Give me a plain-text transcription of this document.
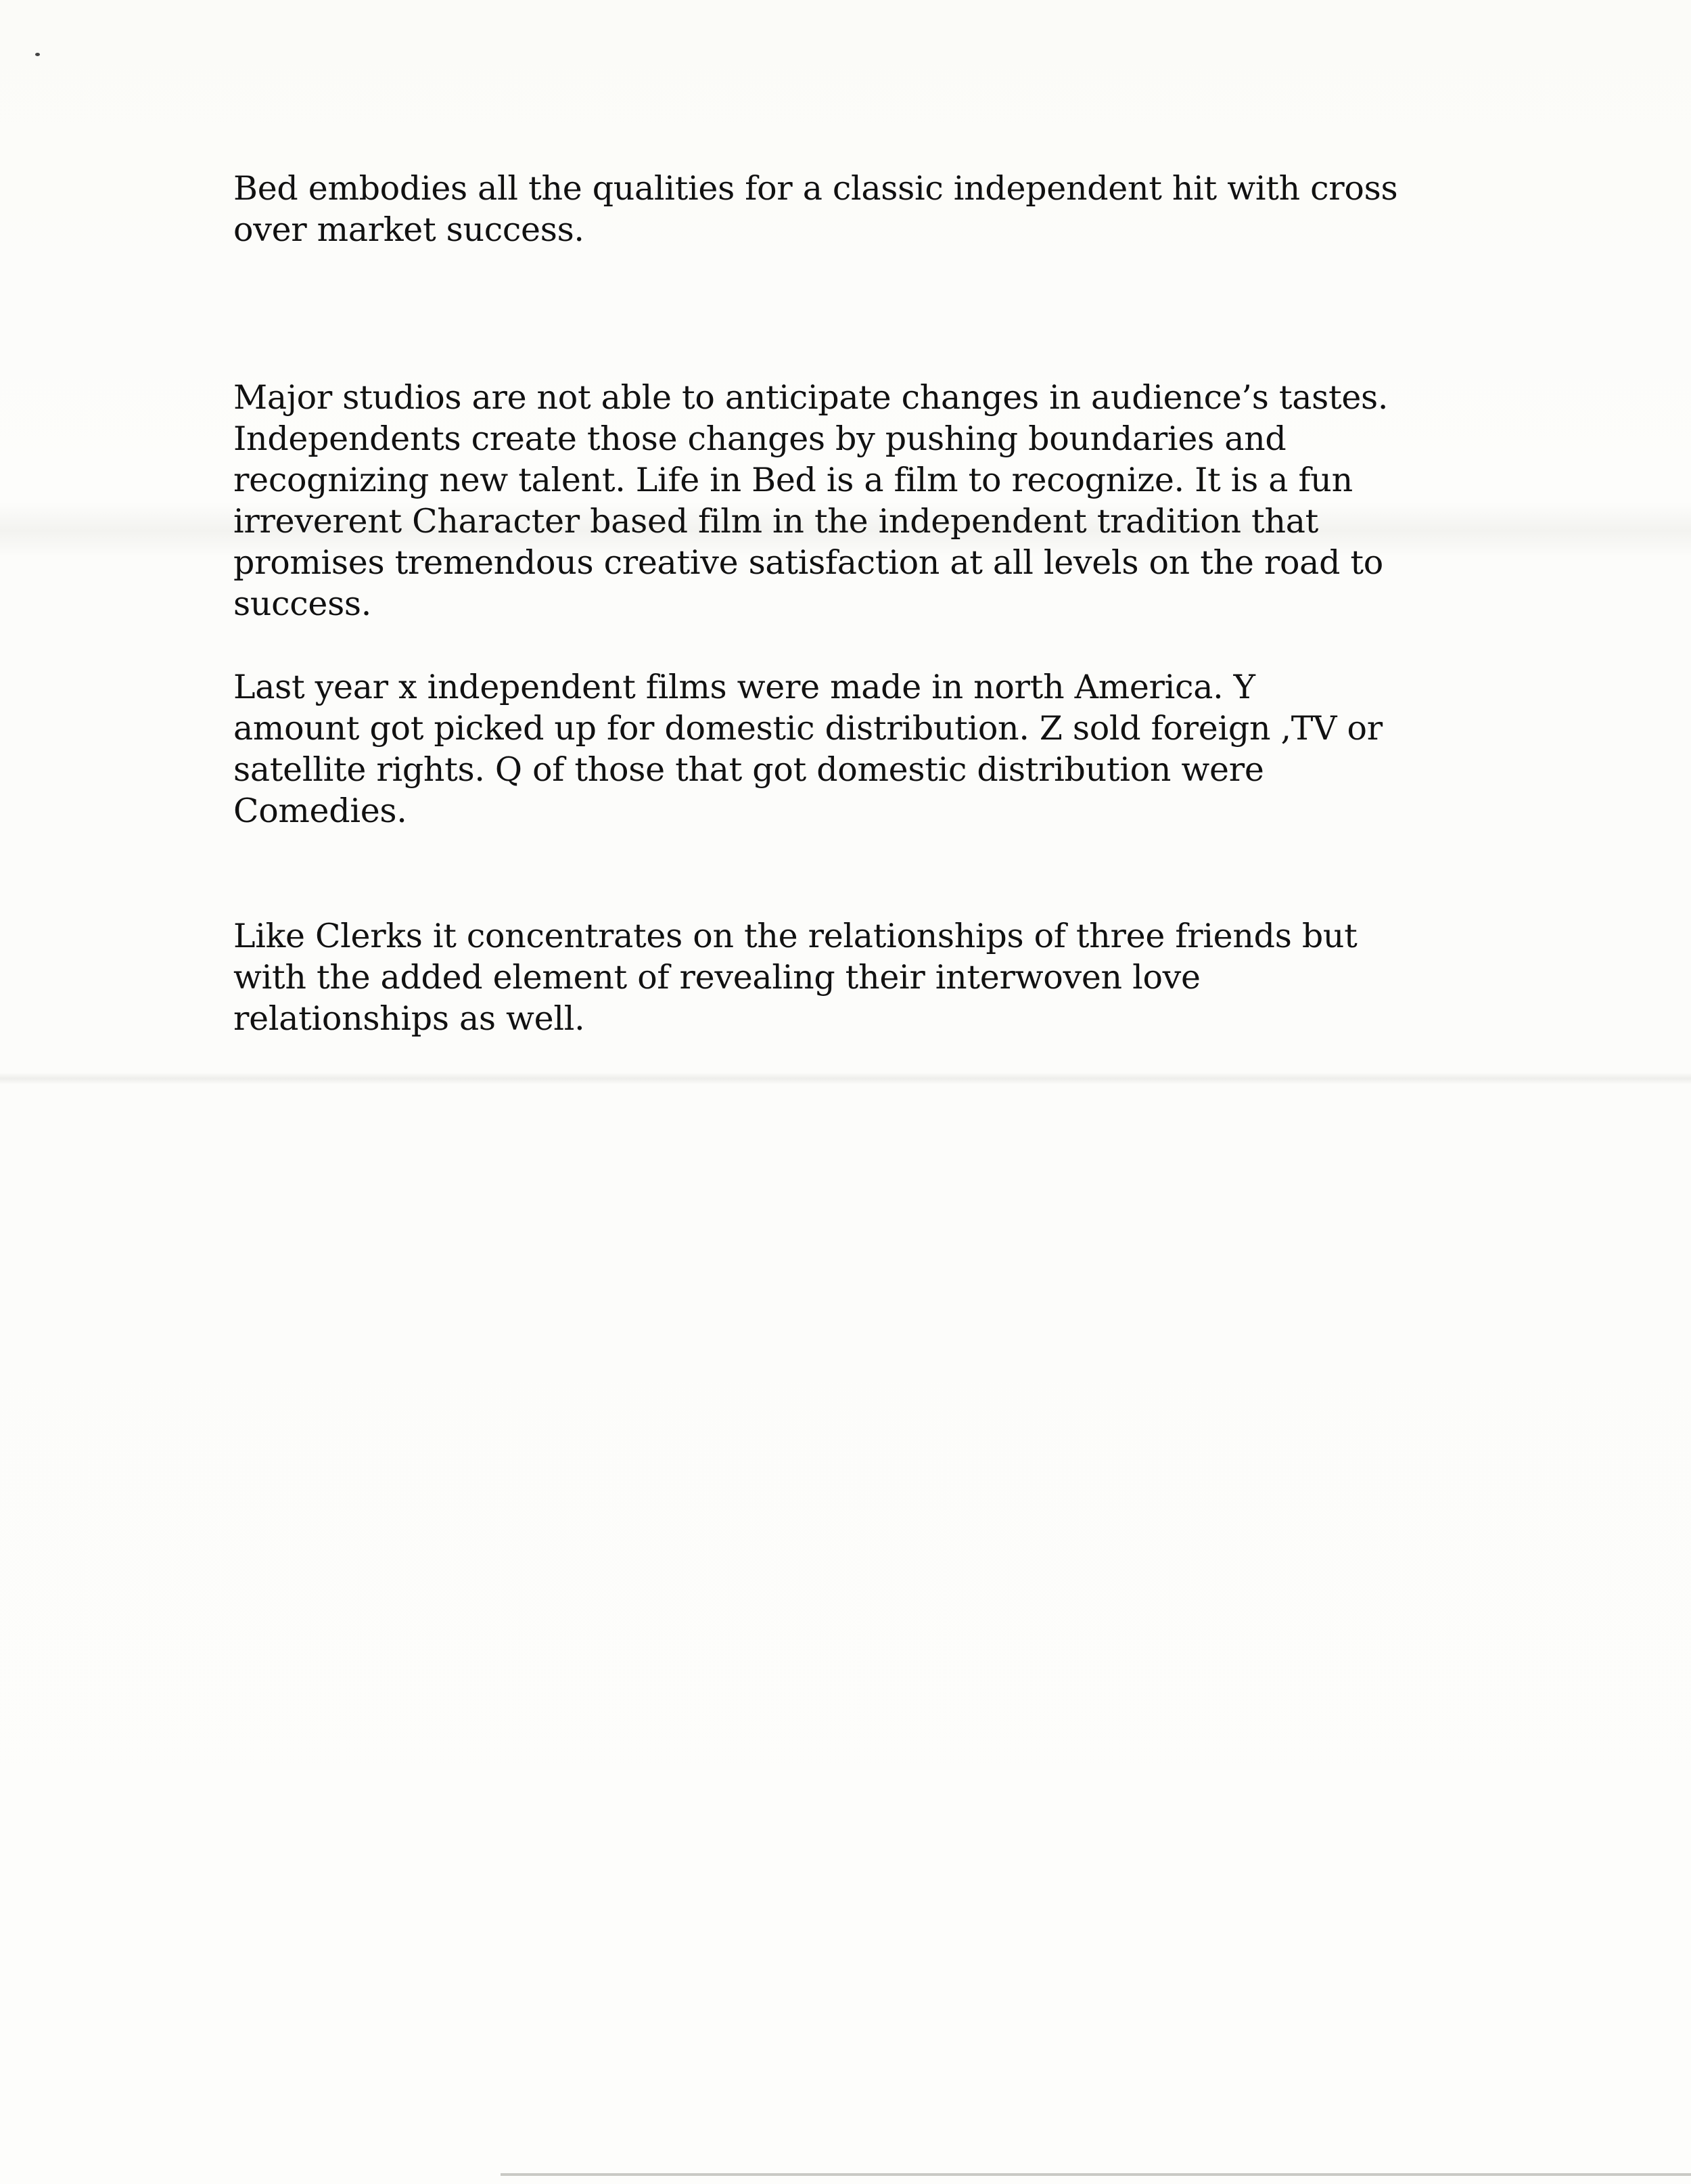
Bed embodies all the qualities for a classic independent hit with cross
over market success.

Major studios are not able to anticipate changes in audience’s tastes.
Independents create those changes by pushing boundaries and
recognizing new talent. Life in Bed is a film to recognize. It is a fun
irreverent Character based film in the independent tradition that
promises tremendous creative satisfaction at all levels on the road to
success.

Last year x independent films were made in north America. Y
amount got picked up for domestic distribution. Z sold foreign ,TV or
satellite rights. Q of those that got domestic distribution were
Comedies.

Like Clerks it concentrates on the relationships of three friends but
with the added element of revealing their interwoven love
relationships as well.
